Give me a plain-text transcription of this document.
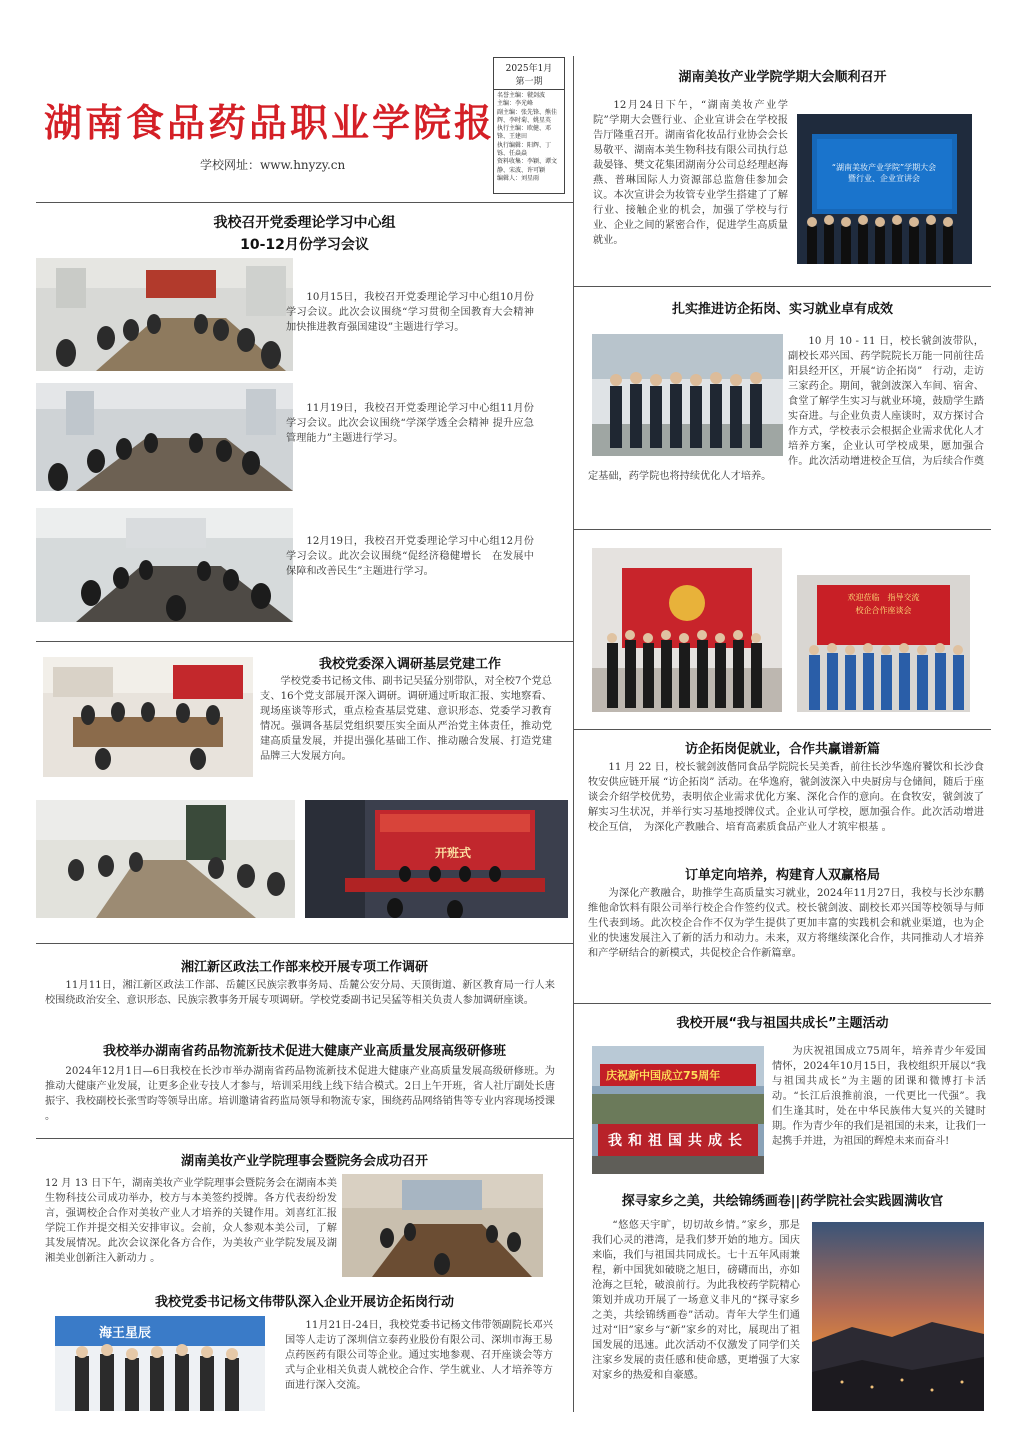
湖南食品药品职业学院报
学校网址：www.hnyzy.cn
2025年1月
第一期
名誉主编：虢剑波
主编：李光峰
副主编：张先锋、熊佳辉、李时菊、姚星英
执行主编：欧健、邓锋、王建田
执行编辑：阳辉、丁铄、任焱焱
资料收集：李颖、谭文静、宋波、许可颖
编辑人：刘星雨
我校召开党委理论学习中心组
10-12月份学习会议
10月15日，我校召开党委理论学习中心组10月份学习会议。此次会议围绕“学习贯彻全国教育大会精神加快推进教育强国建设”主题进行学习。
11月19日，我校召开党委理论学习中心组11月份学习会议。此次会议围绕“学深学透全会精神 提升应急管理能力”主题进行学习。
12月19日，我校召开党委理论学习中心组12月份学习会议。此次会议围绕“促经济稳健增长　在发展中保障和改善民生”主题进行学习。
我校党委深入调研基层党建工作
学校党委书记杨文伟、副书记吴猛分别带队，对全校7个党总支、16个党支部展开深入调研。调研通过听取汇报、实地察看、现场座谈等形式，重点检查基层党建、意识形态、党委学习教育情况。强调各基层党组织要压实全面从严治党主体责任，推动党建高质量发展，并提出强化基础工作、推动融合发展、打造党建品牌三大发展方向。
开班式
湘江新区政法工作部来校开展专项工作调研
11月11日，湘江新区政法工作部、岳麓区民族宗教事务局、岳麓公安分局、天顶街道、新区教育局一行人来校围绕政治安全、意识形态、民族宗教事务开展专项调研。学校党委副书记吴猛等相关负责人参加调研座谈。
我校举办湖南省药品物流新技术促进大健康产业高质量发展高级研修班
2024年12月1日—6日我校在长沙市举办湖南省药品物流新技术促进大健康产业高质量发展高级研修班。为推动大健康产业发展，让更多企业专技人才参与，培训采用线上线下结合模式。2日上午开班，省人社厅副处长唐振宇、我校副校长张雪昀等领导出席。培训邀请省药监局领导和物流专家，围绕药品网络销售等专业内容现场授课 。
湖南美妆产业学院理事会暨院务会成功召开
12 月 13 日下午，湖南美妆产业学院理事会暨院务会在湖南本美生物科技公司成功举办，校方与本美签约授牌。各方代表纷纷发言，强调校企合作对美妆产业人才培养的关键作用。刘喜红汇报学院工作并提交相关安排审议。会前，众人参观本美公司，了解其发展情况。此次会议深化各方合作，为美妆产业学院发展及湖湘美业创新注入新动力 。
我校党委书记杨文伟带队深入企业开展访企拓岗行动
海王星辰
11月21日-24日，我校党委书记杨文伟带领副院长邓兴国等人走访了深圳信立泰药业股份有限公司、深圳市海王易点药医药有限公司等企业。通过实地参观、召开座谈会等方式与企业相关负责人就校企合作、学生就业、人才培养等方面进行深入交流。
湖南美妆产业学院学期大会顺利召开
12月24日下午，“湖南美妆产业学院”学期大会暨行业、企业宣讲会在学校报告厅隆重召开。湖南省化妆品行业协会会长易敬平、湖南本美生物科技有限公司执行总裁晏锋、樊文花集团湖南分公司总经理赵海燕、普琳国际人力资源部总监詹佳参加会议。本次宣讲会为妆管专业学生搭建了了解行业、接触企业的机会，加强了学校与行业、企业之间的紧密合作，促进学生高质量就业。
“湖南美妆产业学院”学期大会
暨行业、企业宣讲会
扎实推进访企拓岗、实习就业卓有成效
10 月 10 - 11 日，校长虢剑波带队，副校长邓兴国、药学院院长万能一同前往岳阳县经开区，开展“访企拓岗”　行动，走访三家药企。期间，虢剑波深入车间、宿舍、食堂了解学生实习与就业环境，鼓励学生踏实奋进。与企业负责人座谈时，双方探讨合作方式，学校表示会根据企业需求优化人才培养方案，企业认可学校成果，愿加强合作。此次活动增进校企互信，为后续合作奠定基础，药学院也将持续优化人才培养。
欢迎莅临　指导交流
校企合作座谈会
访企拓岗促就业，合作共赢谱新篇
11 月 22 日，校长虢剑波偕同食品学院院长吴美香，前往长沙华逸府饕饮和长沙食牧安供应链开展 “访企拓岗” 活动。在华逸府，虢剑波深入中央厨房与仓储间，随后于座谈会介绍学校优势，表明依企业需求优化方案、深化合作的意向。在食牧安，虢剑波了解实习生状况，并举行实习基地授牌仪式。企业认可学校，愿加强合作。此次活动增进校企互信，　为深化产教融合、培育高素质食品产业人才筑牢根基 。
订单定向培养，构建育人双赢格局
为深化产教融合，助推学生高质量实习就业，2024年11月27日，我校与长沙东鹏维他命饮料有限公司举行校企合作签约仪式。校长虢剑波、副校长邓兴国等校领导与师生代表到场。此次校企合作不仅为学生提供了更加丰富的实践机会和就业渠道，也为企业的快速发展注入了新的活力和动力。未来，双方将继续深化合作，共同推动人才培养和产学研结合的新模式，共促校企合作新篇章。
我校开展“我与祖国共成长”主题活动
庆祝新中国成立75周年
我和祖国共成长
为庆祝祖国成立75周年，培养青少年爱国情怀，2024年10月15日，我校组织开展以“我与祖国共成长”为主题的团课和微博打卡活动。“长江后浪推前浪，一代更比一代强”。我们生逢其时，处在中华民族伟大复兴的关键时期。作为青少年的我们是祖国的未来，让我们一起携手并进，为祖国的辉煌未来而奋斗!
探寻家乡之美，共绘锦绣画卷||药学院社会实践圆满收官
“悠悠天宇旷，切切故乡情。”家乡，那是我们心灵的港湾，是我们梦开始的地方。国庆来临，我们与祖国共同成长。七十五年风雨兼程，新中国犹如破晓之旭日，磅礴而出，亦如沧海之巨轮，破浪前行。为此我校药学院精心策划并成功开展了一场意义非凡的“探寻家乡之美，共绘锦绣画卷”活动。青年大学生们通过对“旧”家乡与“新”家乡的对比，展现出了祖国发展的迅速。此次活动不仅激发了同学们关注家乡发展的责任感和使命感，更增强了大家对家乡的热爱和自豪感。
